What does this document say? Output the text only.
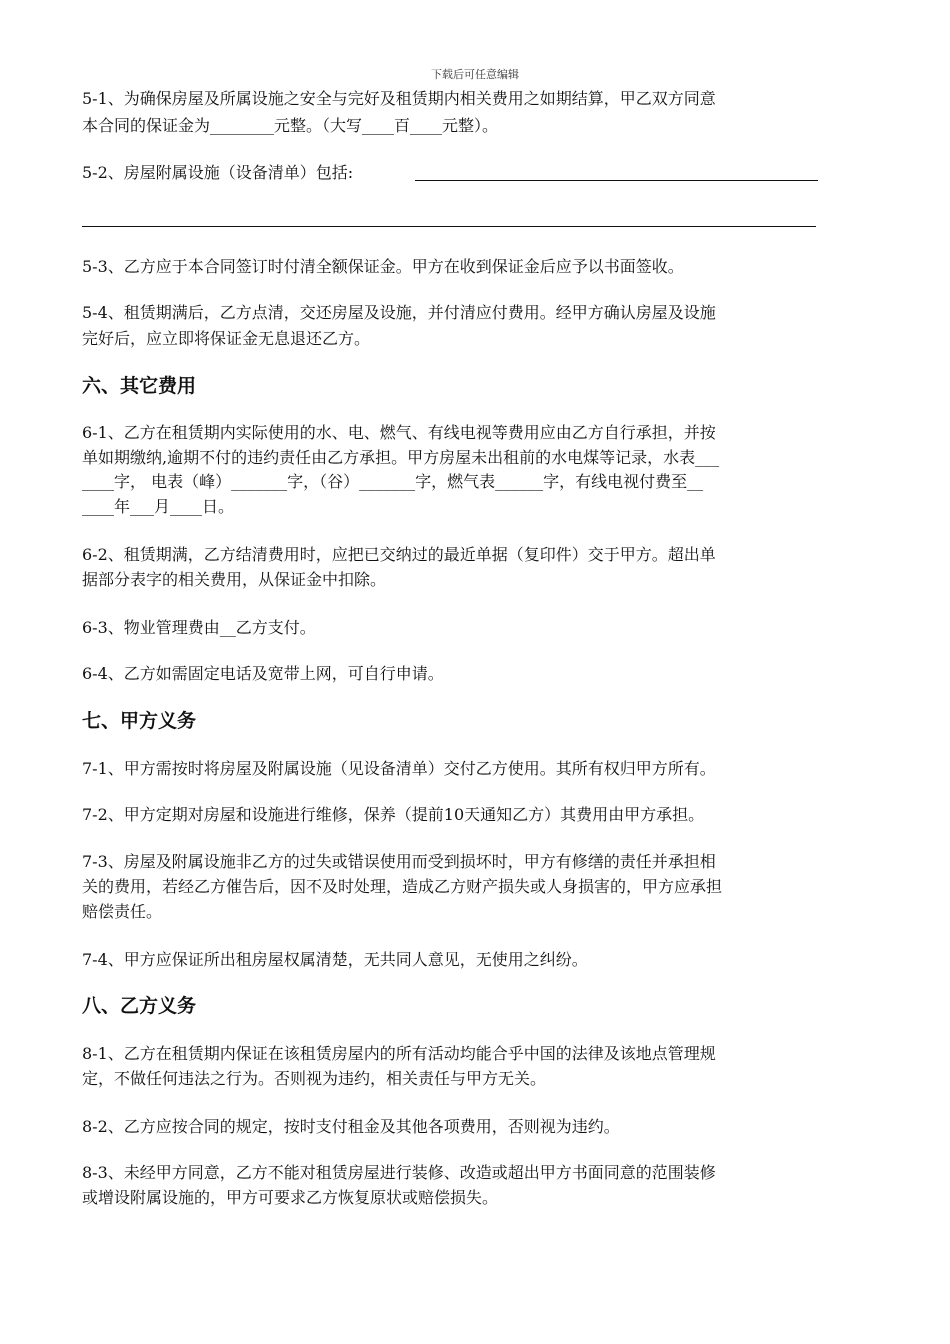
下载后可任意编辑
5-1、为确保房屋及所属设施之安全与完好及租赁期内相关费用之如期结算，甲乙双方同意
本合同的保证金为________元整。（大写____百____元整）。
5-2、房屋附属设施（设备清单）包括:
5-3、乙方应于本合同签订时付清全额保证金。甲方在收到保证金后应予以书面签收。
5-4、租赁期满后，乙方点清，交还房屋及设施，并付清应付费用。经甲方确认房屋及设施
完好后，应立即将保证金无息退还乙方。
六、其它费用
6-1、乙方在租赁期内实际使用的水、电、燃气、有线电视等费用应由乙方自行承担，并按
单如期缴纳,逾期不付的违约责任由乙方承担。甲方房屋未出租前的水电煤等记录，水表___
____字， 电表（峰）_______字，（谷）_______字，燃气表______字，有线电视付费至__
____年___月____日。
6-2、租赁期满，乙方结清费用时，应把已交纳过的最近单据（复印件）交于甲方。超出单
据部分表字的相关费用，从保证金中扣除。
6-3、物业管理费由__乙方支付。
6-4、乙方如需固定电话及宽带上网，可自行申请。
七、甲方义务
7-1、甲方需按时将房屋及附属设施（见设备清单）交付乙方使用。其所有权归甲方所有。
7-2、甲方定期对房屋和设施进行维修，保养（提前10天通知乙方）其费用由甲方承担。
7-3、房屋及附属设施非乙方的过失或错误使用而受到损坏时，甲方有修缮的责任并承担相
关的费用，若经乙方催告后，因不及时处理，造成乙方财产损失或人身损害的，甲方应承担
赔偿责任。
7-4、甲方应保证所出租房屋权属清楚，无共同人意见，无使用之纠纷。
八、乙方义务
8-1、乙方在租赁期内保证在该租赁房屋内的所有活动均能合乎中国的法律及该地点管理规
定，不做任何违法之行为。否则视为违约，相关责任与甲方无关。
8-2、乙方应按合同的规定，按时支付租金及其他各项费用，否则视为违约。
8-3、未经甲方同意，乙方不能对租赁房屋进行装修、改造或超出甲方书面同意的范围装修
或增设附属设施的，甲方可要求乙方恢复原状或赔偿损失。
